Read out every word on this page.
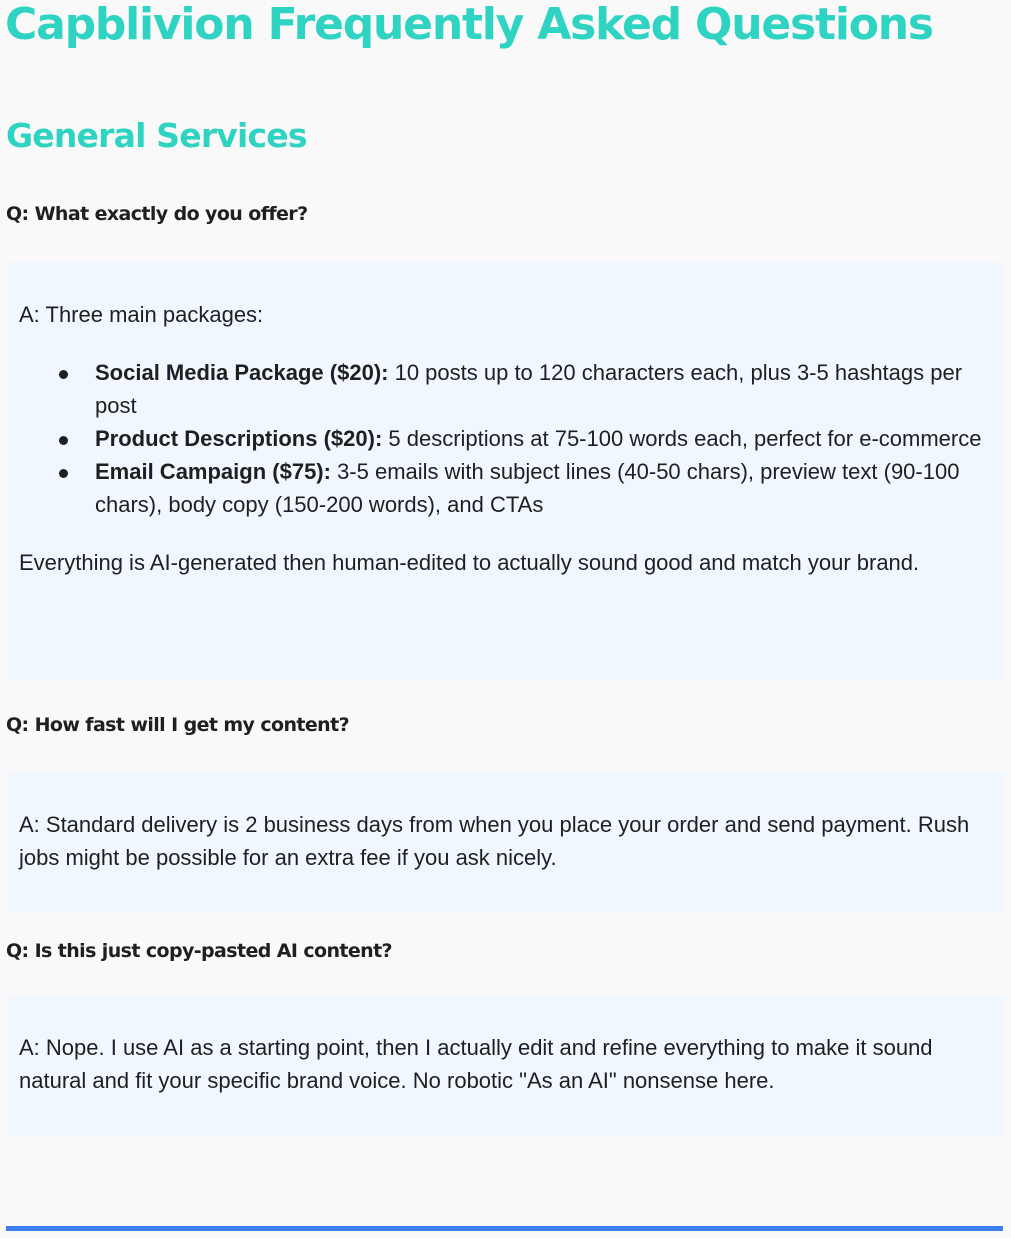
Capblivion Frequently Asked Questions
General Services
Q: What exactly do you offer?

A: Three main packages:

Social Media Package ($20): 10 posts up to 120 characters each, plus 3-5 hashtags per post
Product Descriptions ($20): 5 descriptions at 75-100 words each, perfect for e-commerce
Email Campaign ($75): 3-5 emails with subject lines (40-50 chars), preview text (90-100 chars), body copy (150-200 words), and CTAs

Everything is AI-generated then human-edited to actually sound good and match your brand.

Q: How fast will I get my content?

A: Standard delivery is 2 business days from when you place your order and send payment. Rush jobs might be possible for an extra fee if you ask nicely.

Q: Is this just copy-pasted AI content?

A: Nope. I use AI as a starting point, then I actually edit and refine everything to make it sound natural and fit your specific brand voice. No robotic "As an AI" nonsense here.
